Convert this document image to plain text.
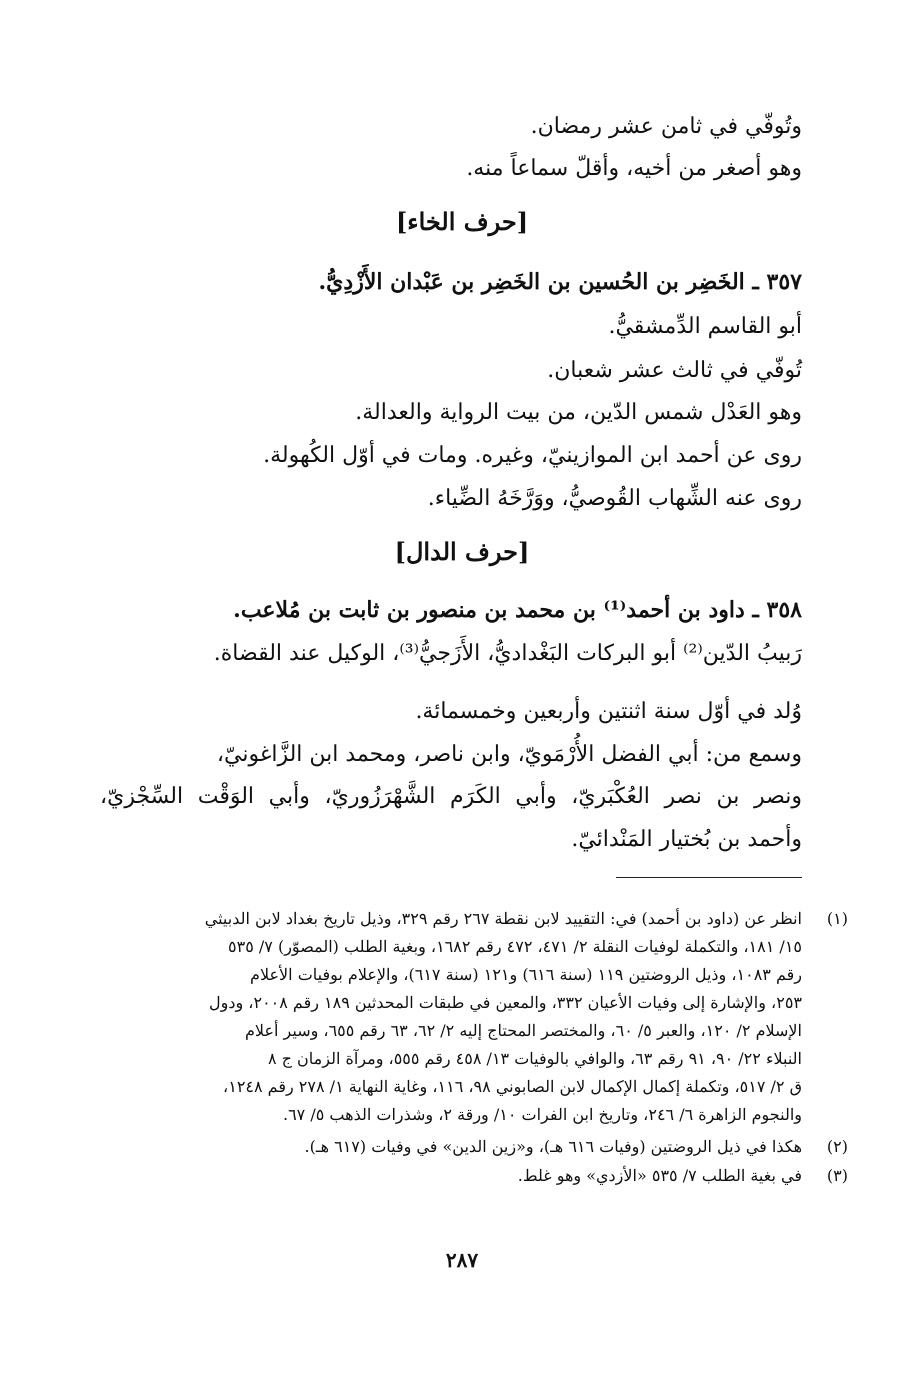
وتُوفّي في ثامن عشر رمضان.
وهو أصغر من أخيه، وأقلّ سماعاً منه.
[حرف الخاء]
٣٥٧ ـ الخَضِر بن الحُسين بن الخَضِر بن عَبْدان الأَزْدِيُّ.
أبو القاسم الدِّمشقيُّ.
تُوفّي في ثالث عشر شعبان.
وهو العَدْل شمس الدّين، من بيت الرواية والعدالة.
روى عن أحمد ابن الموازينيّ، وغيره. ومات في أوّل الكُهولة.
روى عنه الشِّهاب القُوصيُّ، ووَرَّخَهُ الضِّياء.
[حرف الدال]
٣٥٨ ـ داود بن أحمد⁽¹⁾ بن محمد بن منصور بن ثابت بن مُلاعب.
رَبيبُ الدّين⁽²⁾ أبو البركات البَغْداديُّ، الأَزَجيُّ⁽³⁾، الوكيل عند القضاة.
وُلد في أوّل سنة اثنتين وأربعين وخمسمائة.
وسمع من: أبي الفضل الأُرْمَويّ، وابن ناصر، ومحمد ابن الزَّاغونيّ،
ونصر بن نصر العُكْبَريّ، وأبي الكَرَم الشَّهْرَزُوريّ، وأبي الوَقْت السِّجْزيّ،
وأحمد بن بُختيار المَنْدائيّ.
(١)
انظر عن (داود بن أحمد) في: التقييد لابن نقطة ٢٦٧ رقم ٣٢٩، وذيل تاريخ بغداد لابن الدبيثي
١٥/ ١٨١، والتكملة لوفيات النقلة ٢/ ٤٧١، ٤٧٢ رقم ١٦٨٢، وبغية الطلب (المصوّر) ٧/ ٥٣٥
رقم ١٠٨٣، وذيل الروضتين ١١٩ (سنة ٦١٦) و١٢١ (سنة ٦١٧)، والإعلام بوفيات الأعلام
٢٥٣، والإشارة إلى وفيات الأعيان ٣٣٢، والمعين في طبقات المحدثين ١٨٩ رقم ٢٠٠٨، ودول
الإسلام ٢/ ١٢٠، والعبر ٥/ ٦٠، والمختصر المحتاج إليه ٢/ ٦٢، ٦٣ رقم ٦٥٥، وسير أعلام
النبلاء ٢٢/ ٩٠، ٩١ رقم ٦٣، والوافي بالوفيات ١٣/ ٤٥٨ رقم ٥٥٥، ومرآة الزمان ج ٨
ق ٢/ ٥١٧، وتكملة إكمال الإكمال لابن الصابوني ٩٨، ١١٦، وغاية النهاية ١/ ٢٧٨ رقم ١٢٤٨،
والنجوم الزاهرة ٦/ ٢٤٦، وتاريخ ابن الفرات ١٠/ ورقة ٢، وشذرات الذهب ٥/ ٦٧.
(٢)
هكذا في ذيل الروضتين (وفيات ٦١٦ هـ)، و«زين الدين» في وفيات (٦١٧ هـ).
(٣)
في بغية الطلب ٧/ ٥٣٥ «الأزدي» وهو غلط.
٢٨٧
